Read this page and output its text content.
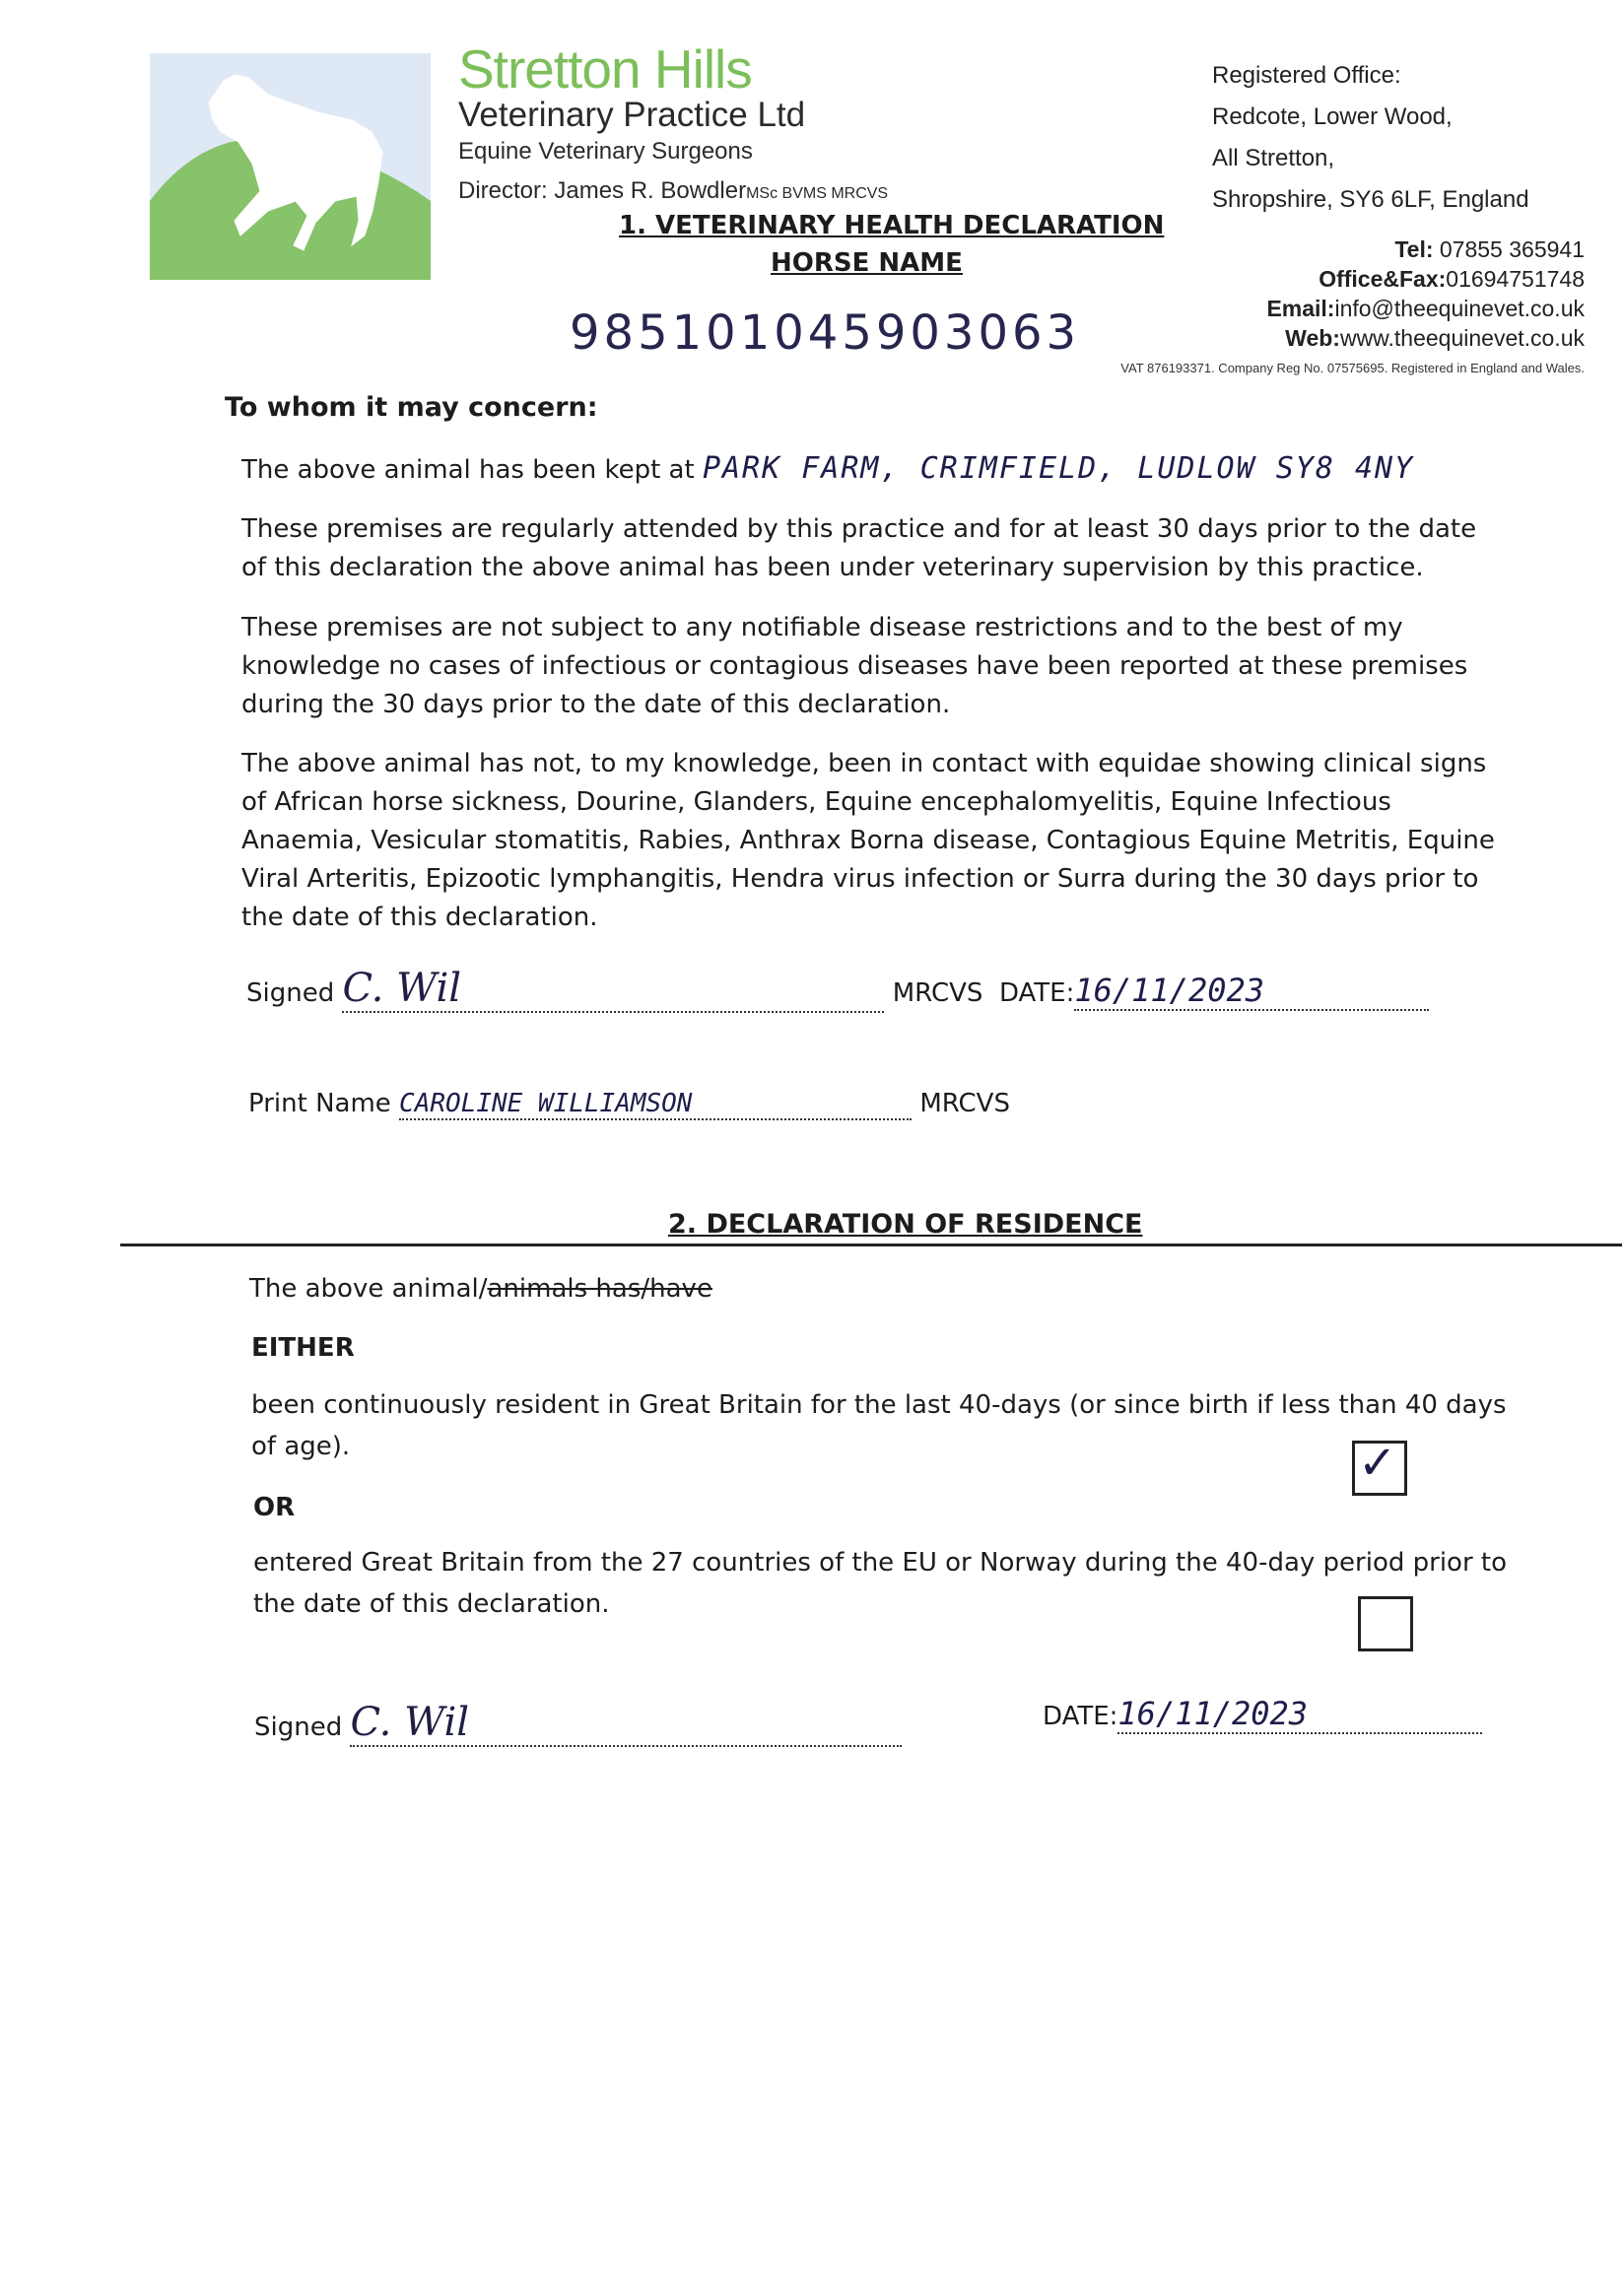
Stretton Hills
Veterinary Practice Ltd
Equine Veterinary Surgeons
Director: James R. BowdlerMSc BVMS MRCVS
Registered Office:
Redcote, Lower Wood,
All Stretton,
Shropshire, SY6 6LF, England
Tel: 07855 365941
Office&Fax:01694751748
Email:info@theequinevet.co.uk
Web:www.theequinevet.co.uk
VAT 876193371. Company Reg No. 07575695. Registered in England and Wales.
1. VETERINARY HEALTH DECLARATION
HORSE NAME
985101045903063
To whom it may concern:
The above animal has been kept at PARK FARM, CRIMFIELD, LUDLOW SY8 4NY
These premises are regularly attended by this practice and for at least 30 days prior to the date of this declaration the above animal has been under veterinary supervision by this practice.
These premises are not subject to any notifiable disease restrictions and to the best of my knowledge no cases of infectious or contagious diseases have been reported at these premises during the 30 days prior to the date of this declaration.
The above animal has not, to my knowledge, been in contact with equidae showing clinical signs of African horse sickness, Dourine, Glanders, Equine encephalomyelitis, Equine Infectious Anaemia, Vesicular stomatitis, Rabies, Anthrax Borna disease, Contagious Equine Metritis, Equine Viral Arteritis, Epizootic lymphangitis, Hendra virus infection or Surra during the 30 days prior to the date of this declaration.
Signed C. Wil	MRCVS DATE:16/11/2023
Print Name CAROLINE WILLIAMSON	MRCVS
2. DECLARATION OF RESIDENCE
The above animal/animals has/have
EITHER
been continuously resident in Great Britain for the last 40-days (or since birth if less than 40 days of age).	✓
OR
entered Great Britain from the 27 countries of the EU or Norway during the 40-day period prior to the date of this declaration.
Signed C. Wil	DATE:16/11/2023
